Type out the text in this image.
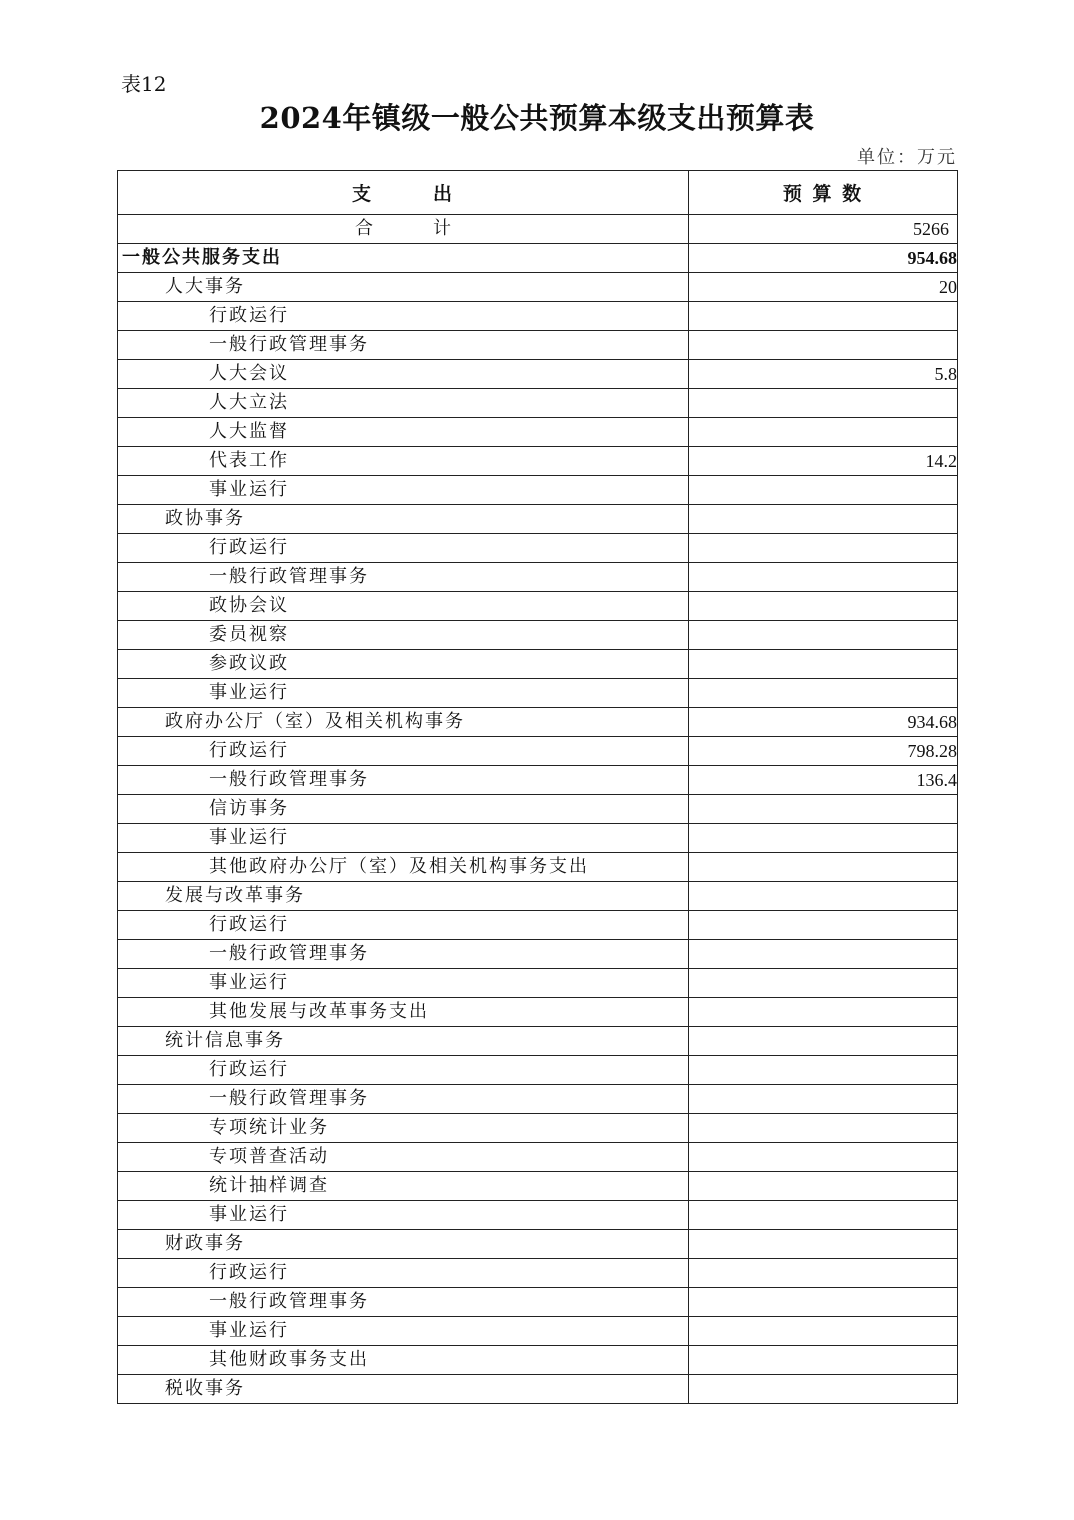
表12
2024年镇级一般公共预算本级支出预算表
单位：万元
支 出	预 算 数
合 计	5266
一般公共服务支出	954.68
人大事务	20
行政运行	
一般行政管理事务	
人大会议	5.8
人大立法	
人大监督	
代表工作	14.2
事业运行	
政协事务	
行政运行	
一般行政管理事务	
政协会议	
委员视察	
参政议政	
事业运行	
政府办公厅（室）及相关机构事务	934.68
行政运行	798.28
一般行政管理事务	136.4
信访事务	
事业运行	
其他政府办公厅（室）及相关机构事务支出	
发展与改革事务	
行政运行	
一般行政管理事务	
事业运行	
其他发展与改革事务支出	
统计信息事务	
行政运行	
一般行政管理事务	
专项统计业务	
专项普查活动	
统计抽样调查	
事业运行	
财政事务	
行政运行	
一般行政管理事务	
事业运行	
其他财政事务支出	
税收事务	
